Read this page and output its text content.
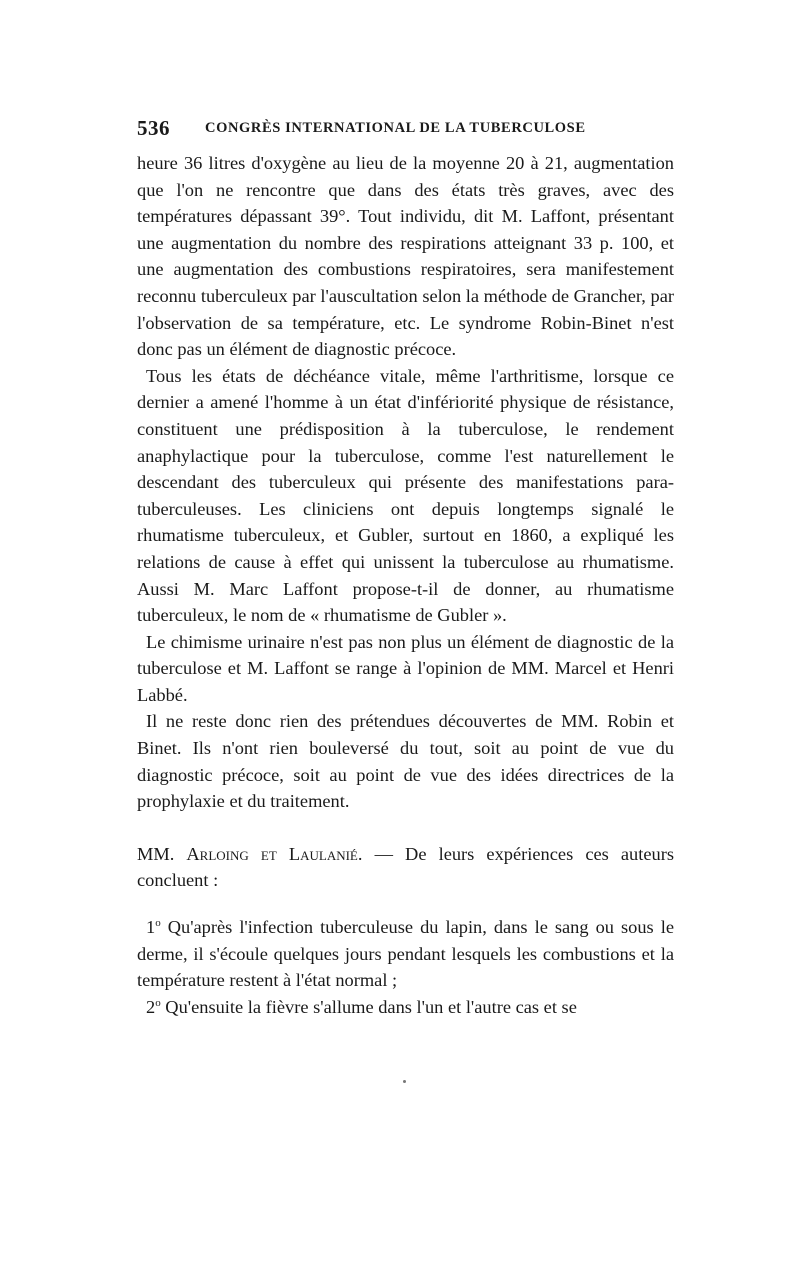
536 CONGRÈS INTERNATIONAL DE LA TUBERCULOSE

heure 36 litres d'oxygène au lieu de la moyenne 20 à 21, augmentation que l'on ne rencontre que dans des états très graves, avec des températures dépassant 39°. Tout individu, dit M. Laffont, présentant une augmentation du nombre des respirations atteignant 33 p. 100, et une augmentation des combustions respiratoires, sera manifestement reconnu tuberculeux par l'auscultation selon la méthode de Grancher, par l'observation de sa température, etc. Le syndrome Robin-Binet n'est donc pas un élément de diagnostic précoce.

Tous les états de déchéance vitale, même l'arthritisme, lorsque ce dernier a amené l'homme à un état d'infériorité physique de résistance, constituent une prédisposition à la tuberculose, le rendement anaphylactique pour la tuberculose, comme l'est naturellement le descendant des tuberculeux qui présente des manifestations para-tuberculeuses. Les cliniciens ont depuis longtemps signalé le rhumatisme tuberculeux, et Gubler, surtout en 1860, a expliqué les relations de cause à effet qui unissent la tuberculose au rhumatisme. Aussi M. Marc Laffont propose-t-il de donner, au rhumatisme tuberculeux, le nom de « rhumatisme de Gubler ».

Le chimisme urinaire n'est pas non plus un élément de diagnostic de la tuberculose et M. Laffont se range à l'opinion de MM. Marcel et Henri Labbé.

Il ne reste donc rien des prétendues découvertes de MM. Robin et Binet. Ils n'ont rien bouleversé du tout, soit au point de vue du diagnostic précoce, soit au point de vue des idées directrices de la prophylaxie et du traitement.

MM. Arloing et Laulanié. — De leurs expériences ces auteurs concluent :

1$^o$ Qu'après l'infection tuberculeuse du lapin, dans le sang ou sous le derme, il s'écoule quelques jours pendant lesquels les combustions et la température restent à l'état normal ;

2$^o$ Qu'ensuite la fièvre s'allume dans l'un et l'autre cas et se
